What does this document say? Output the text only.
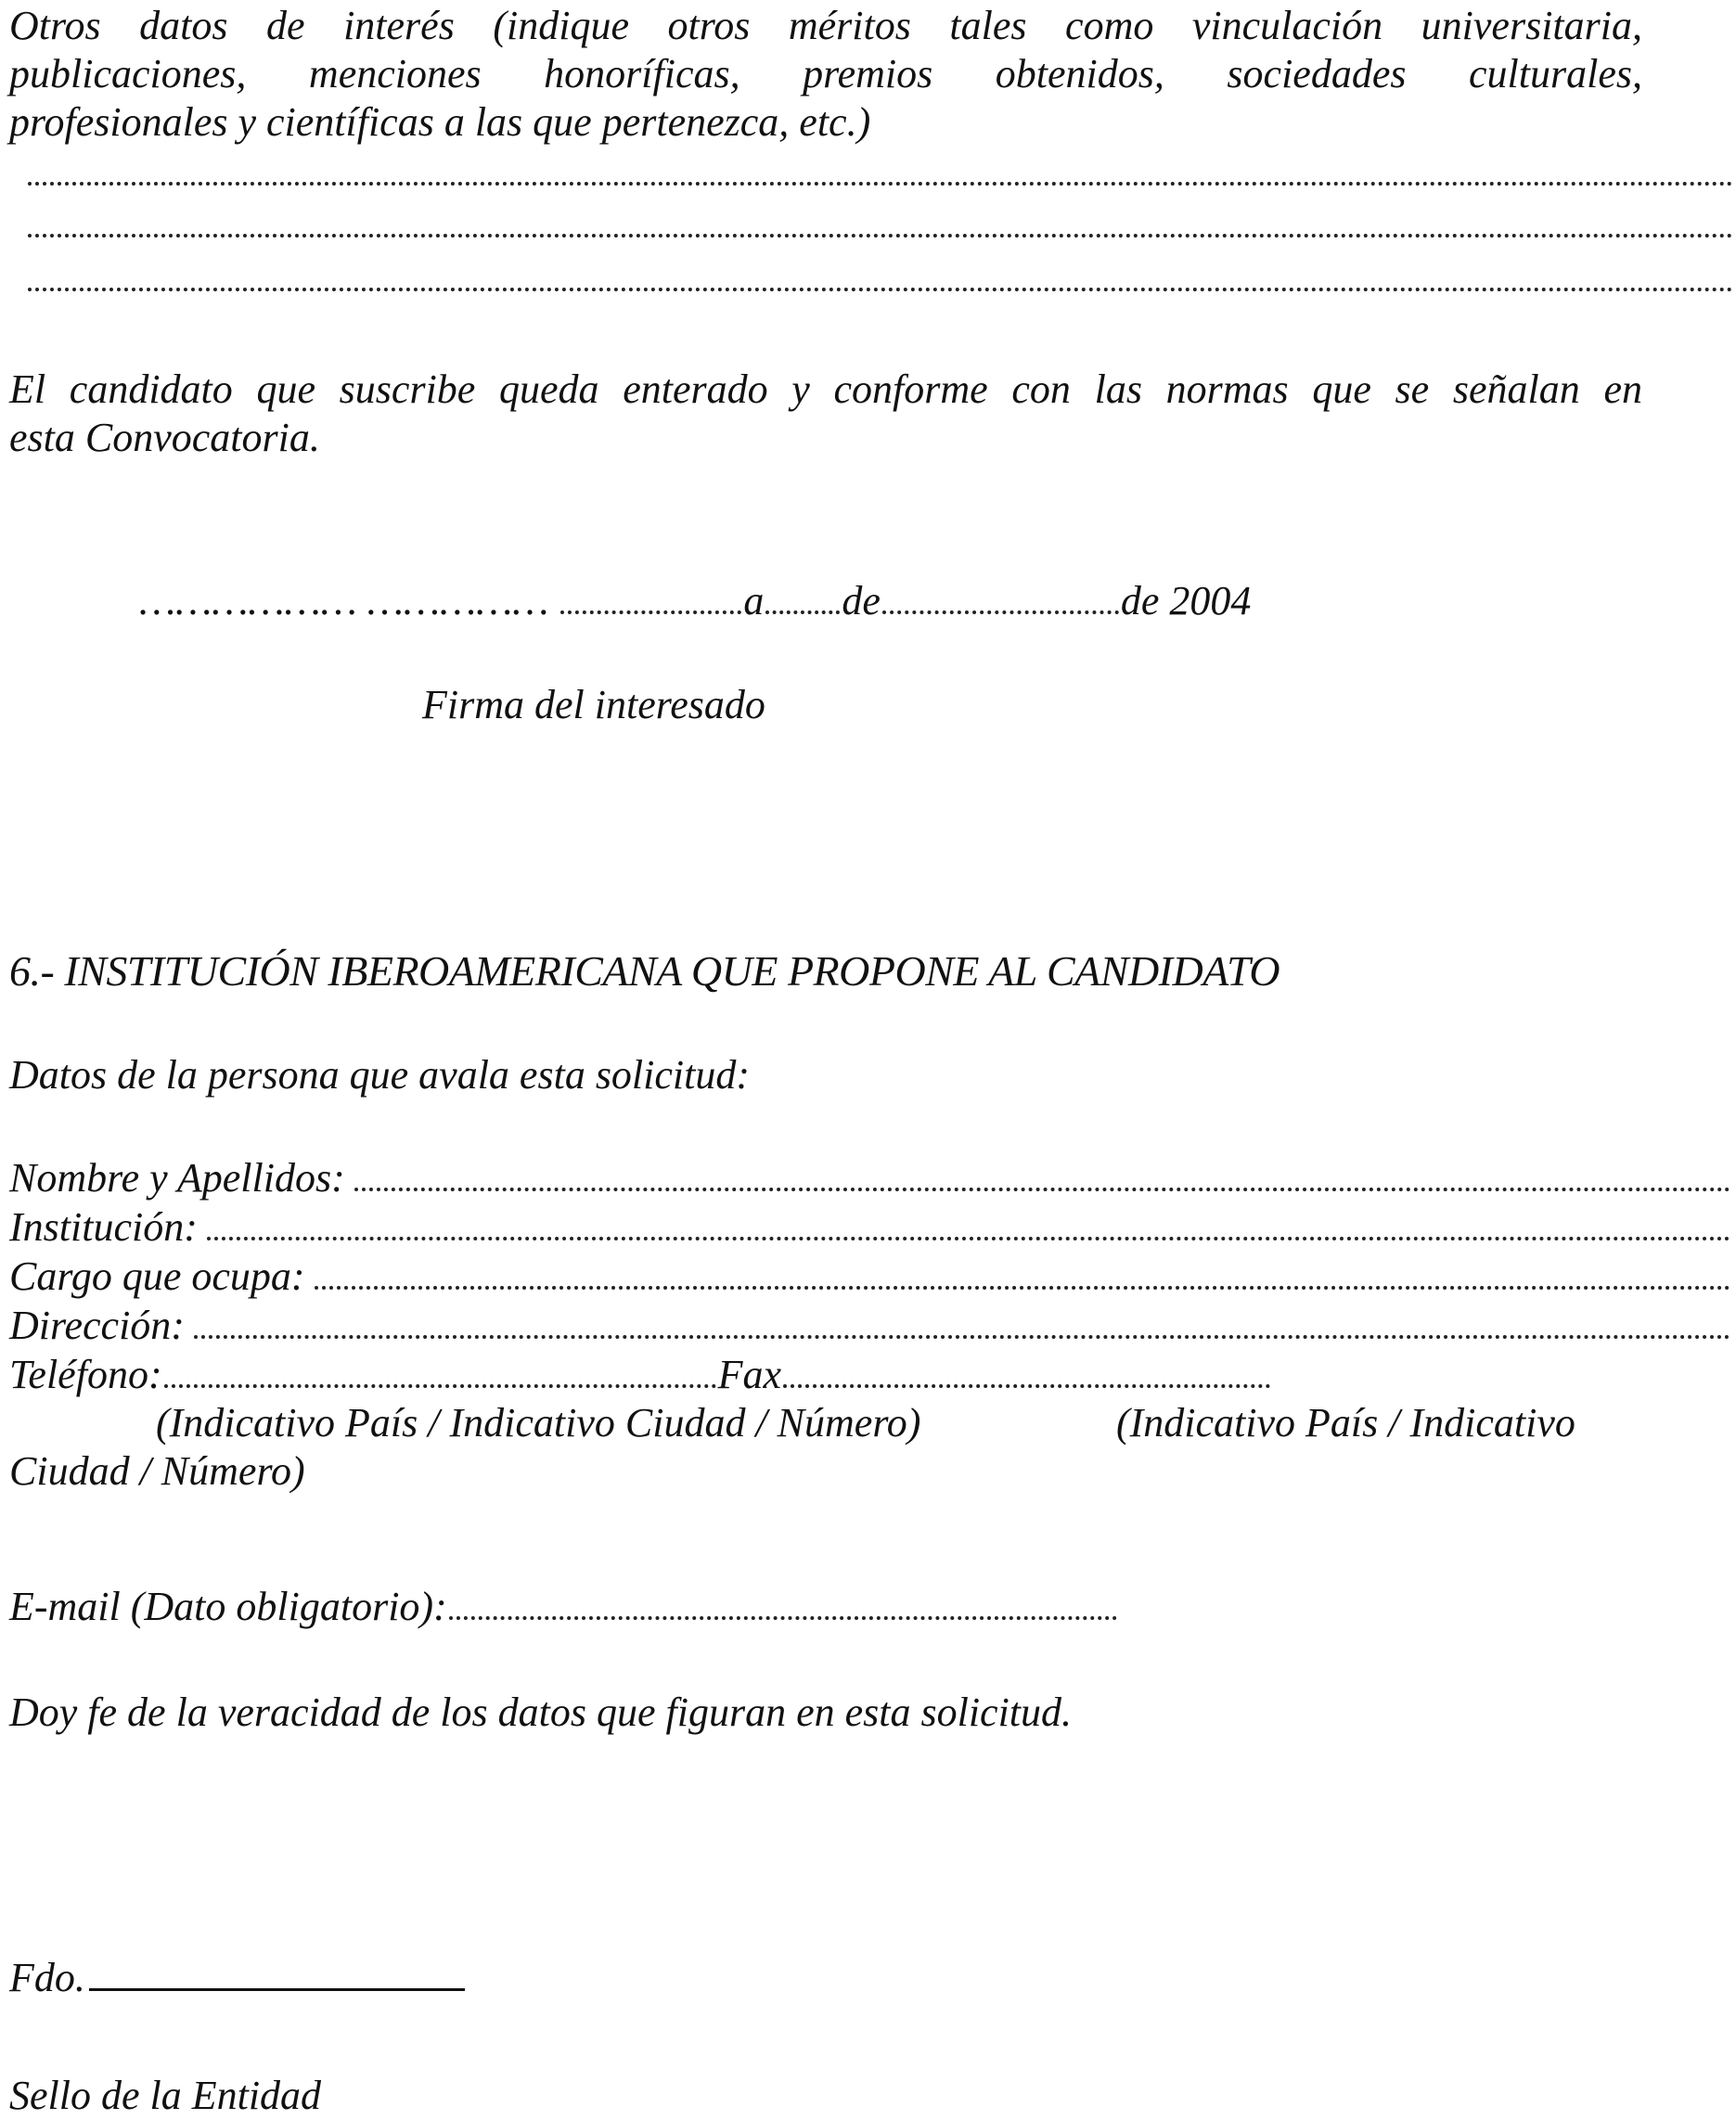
Otros datos de interés (indique otros méritos tales como vinculación universitaria,
publicaciones, menciones honoríficas, premios obtenidos, sociedades culturales,
profesionales y científicas a las que pertenezca, etc.)
El candidato que suscribe queda enterado y conforme con las normas que se señalan en
esta Convocatoria.
……………… ……………	a de	de 2004
Firma del interesado
6.- INSTITUCIÓN IBEROAMERICANA QUE PROPONE AL CANDIDATO
Datos de la persona que avala esta solicitud:
Nombre y Apellidos:
Institución:
Cargo que ocupa:
Dirección:
Teléfono:	Fax
(Indicativo País / Indicativo Ciudad / Número)	(Indicativo País / Indicativo
Ciudad / Número)
E-mail (Dato obligatorio):
Doy fe de la veracidad de los datos que figuran en esta solicitud.
Fdo.
Sello de la Entidad
